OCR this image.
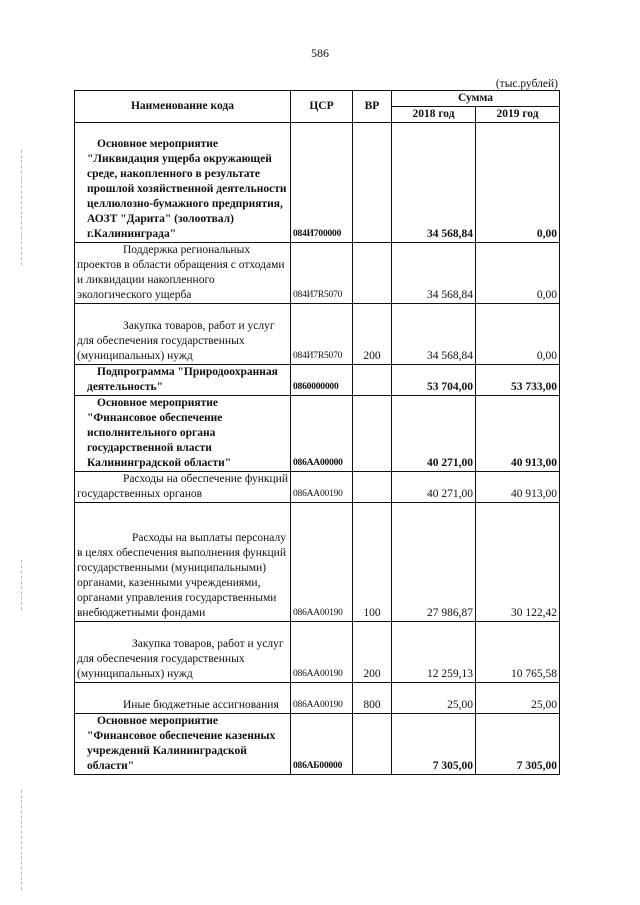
586
(тыс.рублей)
Наименование кода	ЦСР	ВР	Сумма	
			2018 год	2019 год
Основное мероприятие "Ликвидация ущерба окружающей среде, накопленного в результате прошлой хозяйственной деятельности целлюлозно-бумажного предприятия, АОЗТ "Дарита" (золоотвал) г.Калининграда"	084И700000		34 568,84	0,00
Поддержка региональных проектов в области обращения с отходами и ликвидации накопленного экологического ущерба	084И7R5070		34 568,84	0,00
Закупка товаров, работ и услуг для обеспечения государственных (муниципальных) нужд	084И7R5070	200	34 568,84	0,00
Подпрограмма "Природоохранная деятельность"	0860000000		53 704,00	53 733,00
Основное мероприятие "Финансовое обеспечение исполнительного органа государственной власти Калининградской области"	086АА00000		40 271,00	40 913,00
Расходы на обеспечение функций государственных органов	086АА00190		40 271,00	40 913,00
Расходы на выплаты персоналу в целях обеспечения выполнения функций государственными (муниципальными) органами, казенными учреждениями, органами управления государственными внебюджетными фондами	086АА00190	100	27 986,87	30 122,42
Закупка товаров, работ и услуг для обеспечения государственных (муниципальных) нужд	086АА00190	200	12 259,13	10 765,58
Иные бюджетные ассигнования	086АА00190	800	25,00	25,00
Основное мероприятие "Финансовое обеспечение казенных учреждений Калининградской области"	086АБ00000		7 305,00	7 305,00
